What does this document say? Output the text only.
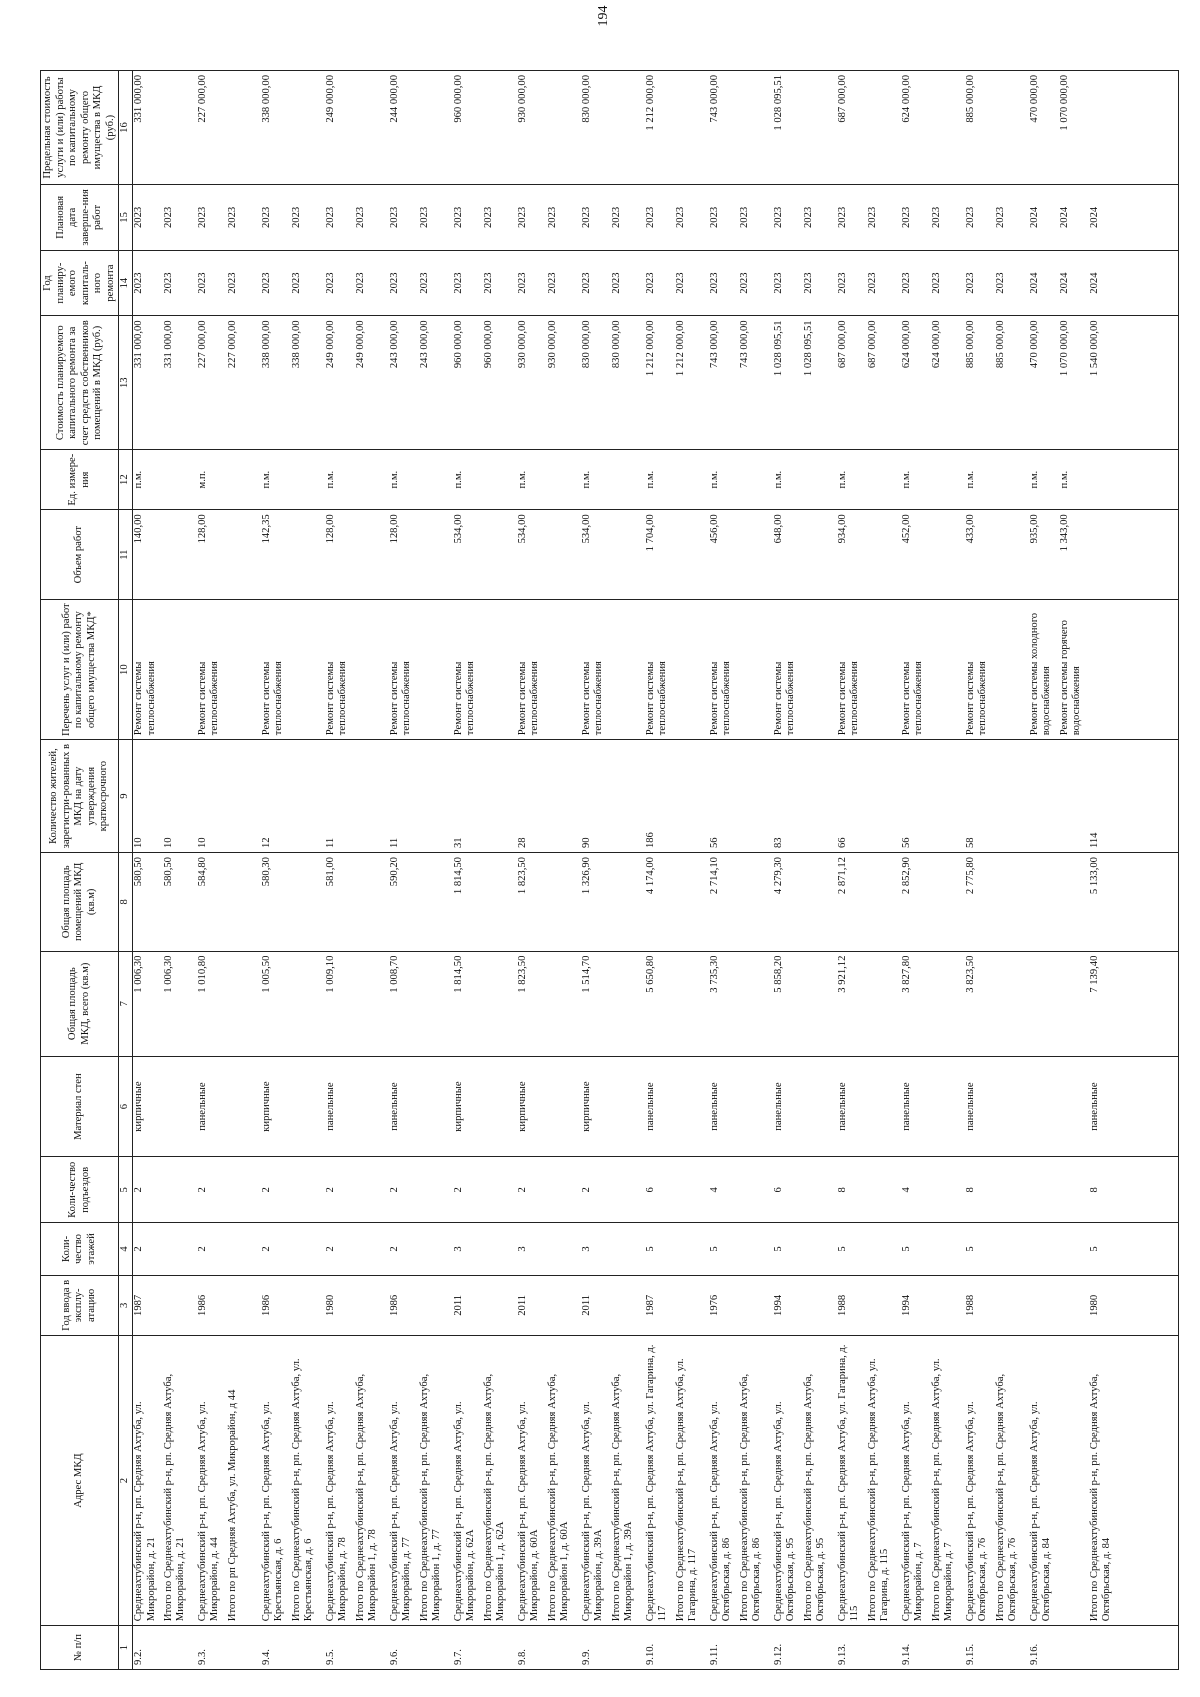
194
№ п/п	Адрес МКД	Год ввода в эксплу-атацию	Коли-чество этажей	Коли-чество подъездов	Материал стен	Общая площадь МКД, всего (кв.м)	Общая площадь помещений МКД (кв.м)	Количество жителей, зарегистри-рованных в МКД на дату утверждения краткосрочного	Перечень услуг и (или) работ по капитальному ремонту общего имущества МКД*	Объем работ	Ед. измере-ния	Стоимость планируемого капитального ремонта за счет средств собственников помещений в МКД (руб.)	Год планиру-емого капиталь-ного ремонта	Плановая дата заверше-ния работ	Предельная стоимость услуги и (или) работы по капитальному ремонту общего имущества в МКД (руб.)
1	2	3	4	5	6	7	8	9	10	11	12	13	14	15	16
9.2.	Среднеахтубинский р-н, рп. Средняя Ахтуба, ул. Микрорайон, д. 21	1987	2	2	кирпичные	1 006,30	580,50	10	Ремонт системы теплоснабжения	140,00	п.м.	331 000,00	2023	2023	331 000,00
	Итого по Среднеахтубинский р-н, рп. Средняя Ахтуба, Микрорайон, д. 21					1 006,30	580,50	10				331 000,00	2023	2023	
9.3.	Среднеахтубинский р-н, рп. Средняя Ахтуба, ул. Микрорайон, д. 44	1986	2	2	панельные	1 010,80	584,80	10	Ремонт системы теплоснабжения	128,00	м.п.	227 000,00	2023	2023	227 000,00
	Итого по рп Средняя Ахтуба, ул. Микрорайон, д 44											227 000,00	2023	2023	
9.4.	Среднеахтубинский р-н, рп. Средняя Ахтуба, ул. Крестьянская, д. 6	1986	2	2	кирпичные	1 005,50	580,30	12	Ремонт системы теплоснабжения	142,35	п.м.	338 000,00	2023	2023	338 000,00
	Итого по Среднеахтубинский р-н, рп. Средняя Ахтуба, ул. Крестьянская, д. 6											338 000,00	2023	2023	
9.5.	Среднеахтубинский р-н, рп. Средняя Ахтуба, ул. Микрорайон, д. 78	1980	2	2	панельные	1 009,10	581,00	11	Ремонт системы теплоснабжения	128,00	п.м.	249 000,00	2023	2023	249 000,00
	Итого по Среднеахтубинский р-н, рп. Средняя Ахтуба, Микрорайон 1, д. 78											249 000,00	2023	2023	
9.6.	Среднеахтубинский р-н, рп. Средняя Ахтуба, ул. Микрорайон, д. 77	1986	2	2	панельные	1 008,70	590,20	11	Ремонт системы теплоснабжения	128,00	п.м.	243 000,00	2023	2023	244 000,00
	Итого по Среднеахтубинский р-н, рп. Средняя Ахтуба, Микрорайон 1, д. 77											243 000,00	2023	2023	
9.7.	Среднеахтубинский р-н, рп. Средняя Ахтуба, ул. Микрорайон, д. 62А	2011	3	2	кирпичные	1 814,50	1 814,50	31	Ремонт системы теплоснабжения	534,00	п.м.	960 000,00	2023	2023	960 000,00
	Итого по Среднеахтубинский р-н, рп. Средняя Ахтуба, Микрорайон 1, д. 62А											960 000,00	2023	2023	
9.8.	Среднеахтубинский р-н, рп. Средняя Ахтуба, ул. Микрорайон, д. 60А	2011	3	2	кирпичные	1 823,50	1 823,50	28	Ремонт системы теплоснабжения	534,00	п.м.	930 000,00	2023	2023	930 000,00
	Итого по Среднеахтубинский р-н, рп. Средняя Ахтуба, Микрорайон 1, д. 60А											930 000,00	2023	2023	
9.9.	Среднеахтубинский р-н, рп. Средняя Ахтуба, ул. Микрорайон, д. 39А	2011	3	2	кирпичные	1 514,70	1 326,90	90	Ремонт системы теплоснабжения	534,00	п.м.	830 000,00	2023	2023	830 000,00
	Итого по Среднеахтубинский р-н, рп. Средняя Ахтуба, Микрорайон 1, д. 39А											830 000,00	2023	2023	
9.10.	Среднеахтубинский р-н, рп. Средняя Ахтуба, ул. Гагарина, д. 117	1987	5	6	панельные	5 650,80	4 174,00	186	Ремонт системы теплоснабжения	1 704,00	п.м.	1 212 000,00	2023	2023	1 212 000,00
	Итого по Среднеахтубинский р-н, рп. Средняя Ахтуба, ул. Гагарина, д. 117											1 212 000,00	2023	2023	
9.11.	Среднеахтубинский р-н, рп. Средняя Ахтуба, ул. Октябрьская, д. 86	1976	5	4	панельные	3 735,30	2 714,10	56	Ремонт системы теплоснабжения	456,00	п.м.	743 000,00	2023	2023	743 000,00
	Итого по Среднеахтубинский р-н, рп. Средняя Ахтуба, Октябрьская, д. 86											743 000,00	2023	2023	
9.12.	Среднеахтубинский р-н, рп. Средняя Ахтуба, ул. Октябрьская, д. 95	1994	5	6	панельные	5 858,20	4 279,30	83	Ремонт системы теплоснабжения	648,00	п.м.	1 028 095,51	2023	2023	1 028 095,51
	Итого по Среднеахтубинский р-н, рп. Средняя Ахтуба, Октябрьская, д. 95											1 028 095,51	2023	2023	
9.13.	Среднеахтубинский р-н, рп. Средняя Ахтуба, ул. Гагарина, д. 115	1988	5	8	панельные	3 921,12	2 871,12	66	Ремонт системы теплоснабжения	934,00	п.м.	687 000,00	2023	2023	687 000,00
	Итого по Среднеахтубинский р-н, рп. Средняя Ахтуба, ул. Гагарина, д. 115											687 000,00	2023	2023	
9.14.	Среднеахтубинский р-н, рп. Средняя Ахтуба, ул. Микрорайон, д. 7	1994	5	4	панельные	3 827,80	2 852,90	56	Ремонт системы теплоснабжения	452,00	п.м.	624 000,00	2023	2023	624 000,00
	Итого по Среднеахтубинский р-н, рп. Средняя Ахтуба, ул. Микрорайон, д. 7											624 000,00	2023	2023	
9.15.	Среднеахтубинский р-н, рп. Средняя Ахтуба, ул. Октябрьская, д. 76	1988	5	8	панельные	3 823,50	2 775,80	58	Ремонт системы теплоснабжения	433,00	п.м.	885 000,00	2023	2023	885 000,00
	Итого по Среднеахтубинский р-н, рп. Средняя Ахтуба, Октябрьская, д. 76											885 000,00	2023	2023	
9.16.	Среднеахтубинский р-н, рп. Средняя Ахтуба, ул. Октябрьская, д. 84								Ремонт системы холодного водоснабжения	935,00	п.м.	470 000,00	2024	2024	470 000,00
									Ремонт системы горячего водоснабжения	1 343,00	п.м.	1 070 000,00	2024	2024	1 070 000,00
	Итого по Среднеахтубинский р-н, рп. Средняя Ахтуба, Октябрьская, д. 84	1980	5	8	панельные	7 139,40	5 133,00	114				1 540 000,00	2024	2024	
